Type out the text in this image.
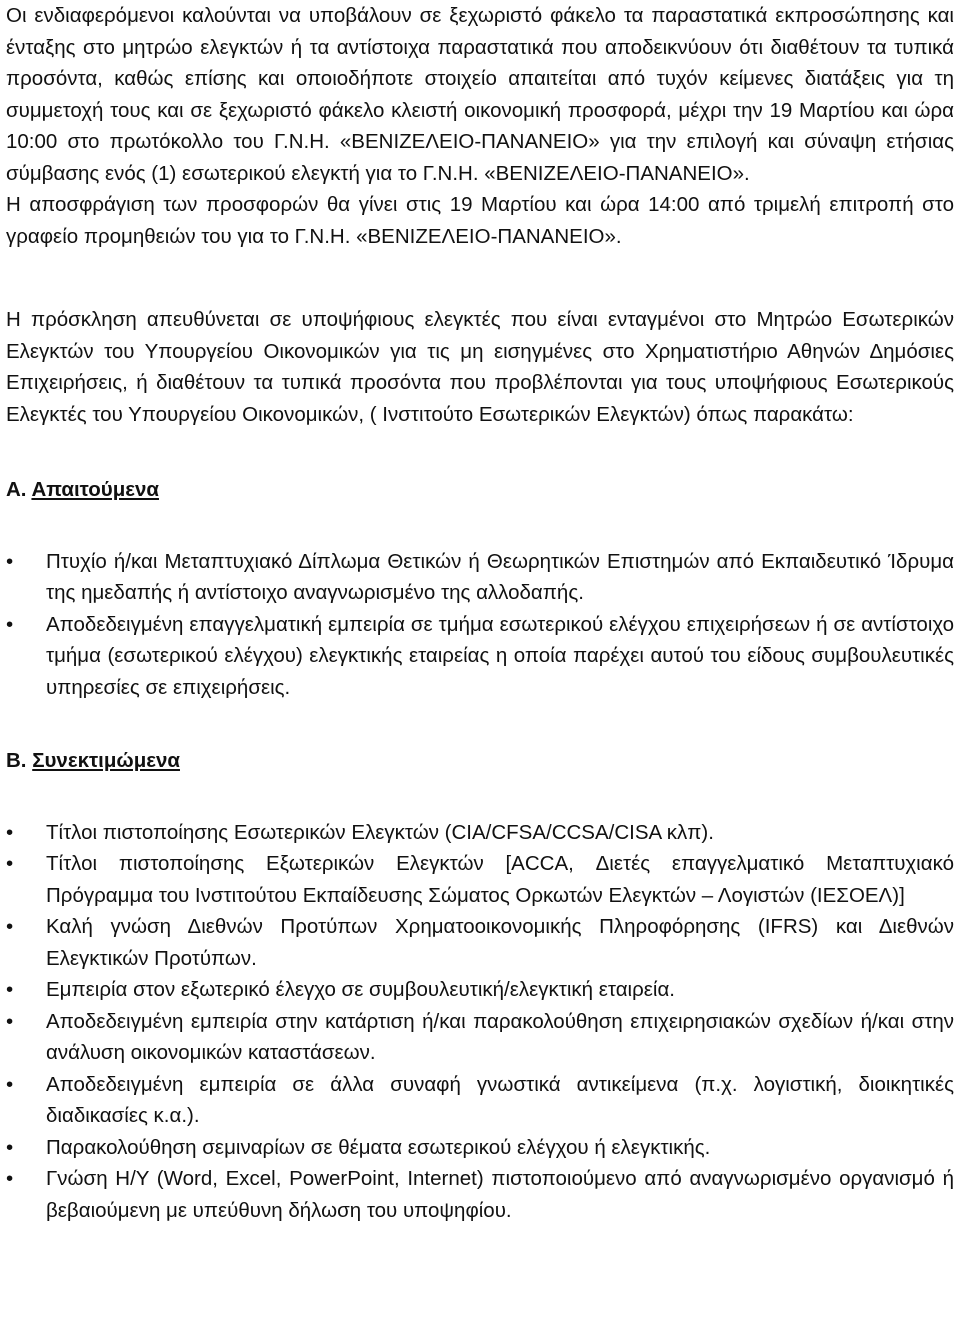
Οι ενδιαφερόμενοι καλούνται να υποβάλουν σε ξεχωριστό φάκελο τα παραστατικά εκπροσώπησης και ένταξης στο μητρώο ελεγκτών ή τα αντίστοιχα παραστατικά που αποδεικνύουν ότι διαθέτουν τα τυπικά προσόντα, καθώς επίσης και οποιοδήποτε στοιχείο απαιτείται από τυχόν κείμενες διατάξεις για τη συμμετοχή τους και σε ξεχωριστό φάκελο κλειστή οικονομική προσφορά, μέχρι την 19 Μαρτίου και ώρα 10:00 στο πρωτόκολλο του Γ.Ν.Η. «ΒΕΝΙΖΕΛΕΙΟ-ΠΑΝΑΝΕΙΟ» για την επιλογή και σύναψη ετήσιας σύμβασης ενός (1) εσωτερικού ελεγκτή για το Γ.Ν.Η. «ΒΕΝΙΖΕΛΕΙΟ-ΠΑΝΑΝΕΙΟ».

Η αποσφράγιση των προσφορών θα γίνει στις 19 Μαρτίου και ώρα 14:00 από τριμελή επιτροπή στο γραφείο προμηθειών του για το Γ.Ν.Η. «ΒΕΝΙΖΕΛΕΙΟ-ΠΑΝΑΝΕΙΟ».

Η πρόσκληση απευθύνεται σε υποψήφιους ελεγκτές που είναι ενταγμένοι στο Μητρώο Εσωτερικών Ελεγκτών του Υπουργείου Οικονομικών για τις μη εισηγμένες στο Χρηματιστήριο Αθηνών Δημόσιες Επιχειρήσεις, ή διαθέτουν τα τυπικά προσόντα που προβλέπονται για τους υποψήφιους Εσωτερικούς Ελεγκτές του Υπουργείου Οικονομικών, ( Ινστιτούτο Εσωτερικών Ελεγκτών) όπως παρακάτω:

Α. Απαιτούμενα

•	Πτυχίο ή/και Μεταπτυχιακό Δίπλωμα Θετικών ή Θεωρητικών Επιστημών από Εκπαιδευτικό Ίδρυμα της ημεδαπής ή αντίστοιχο αναγνωρισμένο της αλλοδαπής.
•	Αποδεδειγμένη επαγγελματική εμπειρία σε τμήμα εσωτερικού ελέγχου επιχειρήσεων ή σε αντίστοιχο τμήμα (εσωτερικού ελέγχου) ελεγκτικής εταιρείας η οποία παρέχει αυτού του είδους συμβουλευτικές υπηρεσίες σε επιχειρήσεις.

Β. Συνεκτιμώμενα

•	Τίτλοι πιστοποίησης Εσωτερικών Ελεγκτών (CIA/CFSA/CCSA/CISA κλπ).
•	Τίτλοι πιστοποίησης Εξωτερικών Ελεγκτών [ACCA, Διετές επαγγελματικό Μεταπτυχιακό Πρόγραμμα του Ινστιτούτου Εκπαίδευσης Σώματος Ορκωτών Ελεγκτών – Λογιστών (ΙΕΣΟΕΛ)]
•	Καλή γνώση Διεθνών Προτύπων Χρηματοοικονομικής Πληροφόρησης (IFRS) και Διεθνών Ελεγκτικών Προτύπων.
•	Εμπειρία στον εξωτερικό έλεγχο σε συμβουλευτική/ελεγκτική εταιρεία.
•	Αποδεδειγμένη εμπειρία στην κατάρτιση ή/και παρακολούθηση επιχειρησιακών σχεδίων ή/και στην ανάλυση οικονομικών καταστάσεων.
•	Αποδεδειγμένη εμπειρία σε άλλα συναφή γνωστικά αντικείμενα (π.χ. λογιστική, διοικητικές διαδικασίες κ.α.).
•	Παρακολούθηση σεμιναρίων σε θέματα εσωτερικού ελέγχου ή ελεγκτικής.
•	Γνώση Η/Υ (Word, Excel, PowerPoint, Internet) πιστοποιούμενο από αναγνωρισμένο οργανισμό ή βεβαιούμενη με υπεύθυνη δήλωση του υποψηφίου.
